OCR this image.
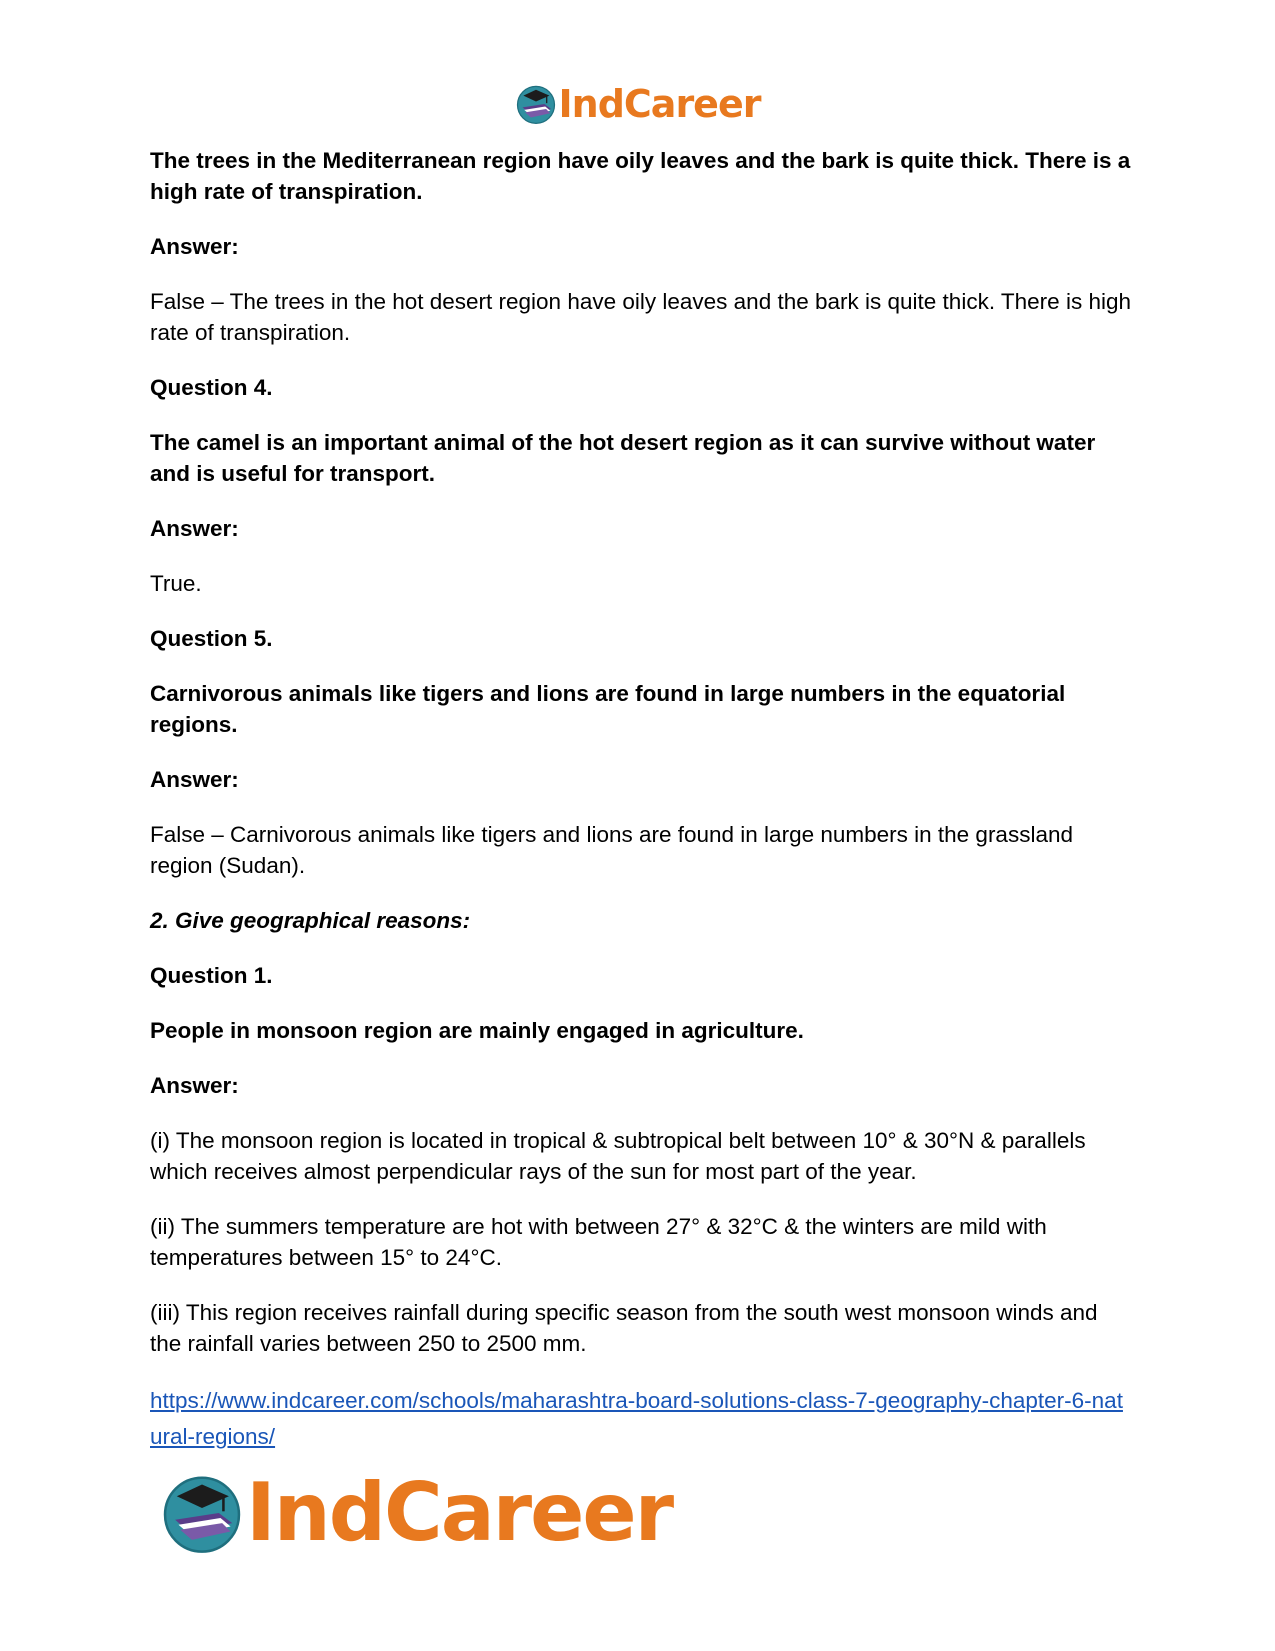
IndCareer

The trees in the Mediterranean region have oily leaves and the bark is quite thick. There is a high rate of transpiration.

Answer:

False – The trees in the hot desert region have oily leaves and the bark is quite thick. There is high rate of transpiration.

Question 4.

The camel is an important animal of the hot desert region as it can survive without water and is useful for transport.

Answer:

True.

Question 5.

Carnivorous animals like tigers and lions are found in large numbers in the equatorial regions.

Answer:

False – Carnivorous animals like tigers and lions are found in large numbers in the grassland region (Sudan).

2. Give geographical reasons:

Question 1.

People in monsoon region are mainly engaged in agriculture.

Answer:

(i) The monsoon region is located in tropical & subtropical belt between 10° & 30°N & parallels which receives almost perpendicular rays of the sun for most part of the year.

(ii) The summers temperature are hot with between 27° & 32°C & the winters are mild with temperatures between 15° to 24°C.

(iii) This region receives rainfall during specific season from the south west monsoon winds and the rainfall varies between 250 to 2500 mm.

https://www.indcareer.com/schools/maharashtra-board-solutions-class-7-geography-chapter-6-natural-regions/
IndCareer
